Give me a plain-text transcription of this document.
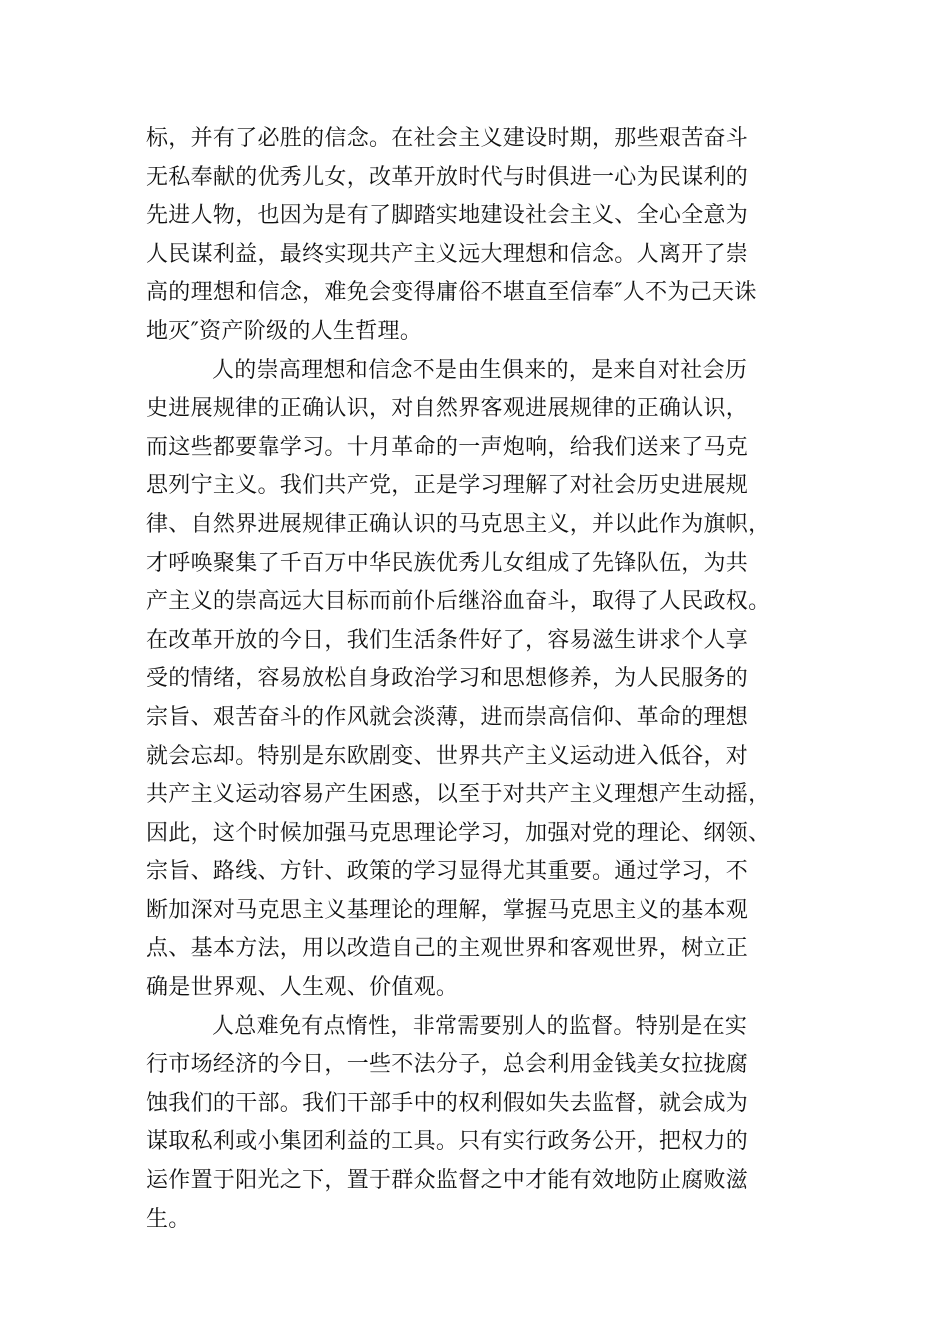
标，并有了必胜的信念。在社会主义建设时期，那些艰苦奋斗
无私奉献的优秀儿女，改革开放时代与时俱进一心为民谋利的
先进人物，也因为是有了脚踏实地建设社会主义、全心全意为
人民谋利益，最终实现共产主义远大理想和信念。人离开了崇
高的理想和信念，难免会变得庸俗不堪直至信奉″人不为己天诛
地灭″资产阶级的人生哲理。
人的崇高理想和信念不是由生俱来的，是来自对社会历
史进展规律的正确认识，对自然界客观进展规律的正确认识，
而这些都要靠学习。十月革命的一声炮响，给我们送来了马克
思列宁主义。我们共产党，正是学习理解了对社会历史进展规
律、自然界进展规律正确认识的马克思主义，并以此作为旗帜，
才呼唤聚集了千百万中华民族优秀儿女组成了先锋队伍，为共
产主义的崇高远大目标而前仆后继浴血奋斗，取得了人民政权。
在改革开放的今日，我们生活条件好了，容易滋生讲求个人享
受的情绪，容易放松自身政治学习和思想修养，为人民服务的
宗旨、艰苦奋斗的作风就会淡薄，进而崇高信仰、革命的理想
就会忘却。特别是东欧剧变、世界共产主义运动进入低谷，对
共产主义运动容易产生困惑，以至于对共产主义理想产生动摇，
因此，这个时候加强马克思理论学习，加强对党的理论、纲领、
宗旨、路线、方针、政策的学习显得尤其重要。通过学习，不
断加深对马克思主义基理论的理解，掌握马克思主义的基本观
点、基本方法，用以改造自己的主观世界和客观世界，树立正
确是世界观、人生观、价值观。
人总难免有点惰性，非常需要别人的监督。特别是在实
行市场经济的今日，一些不法分子，总会利用金钱美女拉拢腐
蚀我们的干部。我们干部手中的权利假如失去监督，就会成为
谋取私利或小集团利益的工具。只有实行政务公开，把权力的
运作置于阳光之下，置于群众监督之中才能有效地防止腐败滋
生。
